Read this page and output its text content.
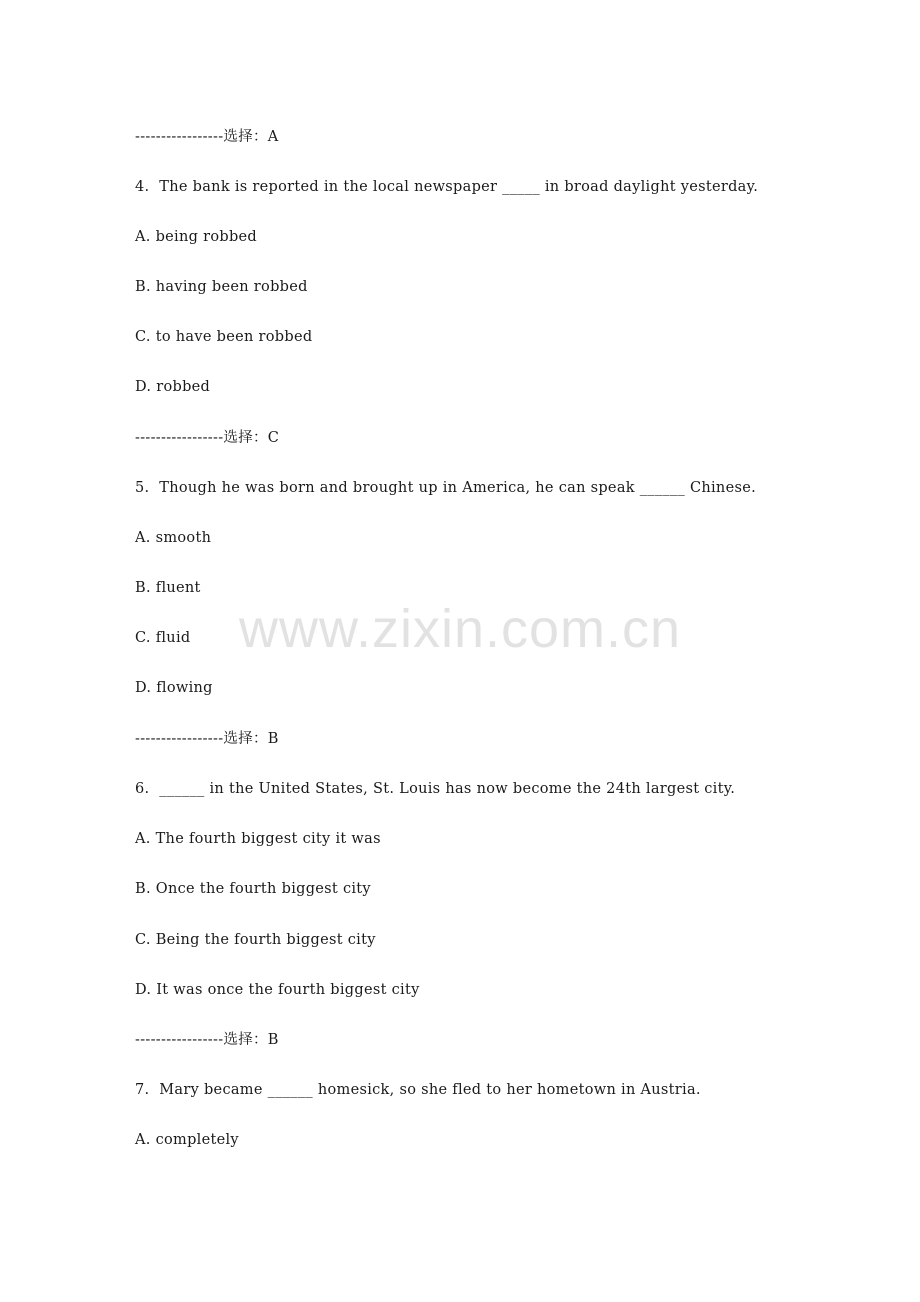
-----------------选择：A
4.  The bank is reported in the local newspaper _____ in broad daylight yesterday.
A. being robbed
B. having been robbed
C. to have been robbed
D. robbed
-----------------选择：C
5.  Though he was born and brought up in America, he can speak ______ Chinese.
A. smooth
B. fluent
C. fluid
D. flowing
-----------------选择：B
6.  ______ in the United States, St. Louis has now become the 24th largest city.
A. The fourth biggest city it was
B. Once the fourth biggest city
C. Being the fourth biggest city
D. It was once the fourth biggest city
-----------------选择：B
7.  Mary became ______ homesick, so she fled to her hometown in Austria.
A. completely
www.zixin.com.cn
